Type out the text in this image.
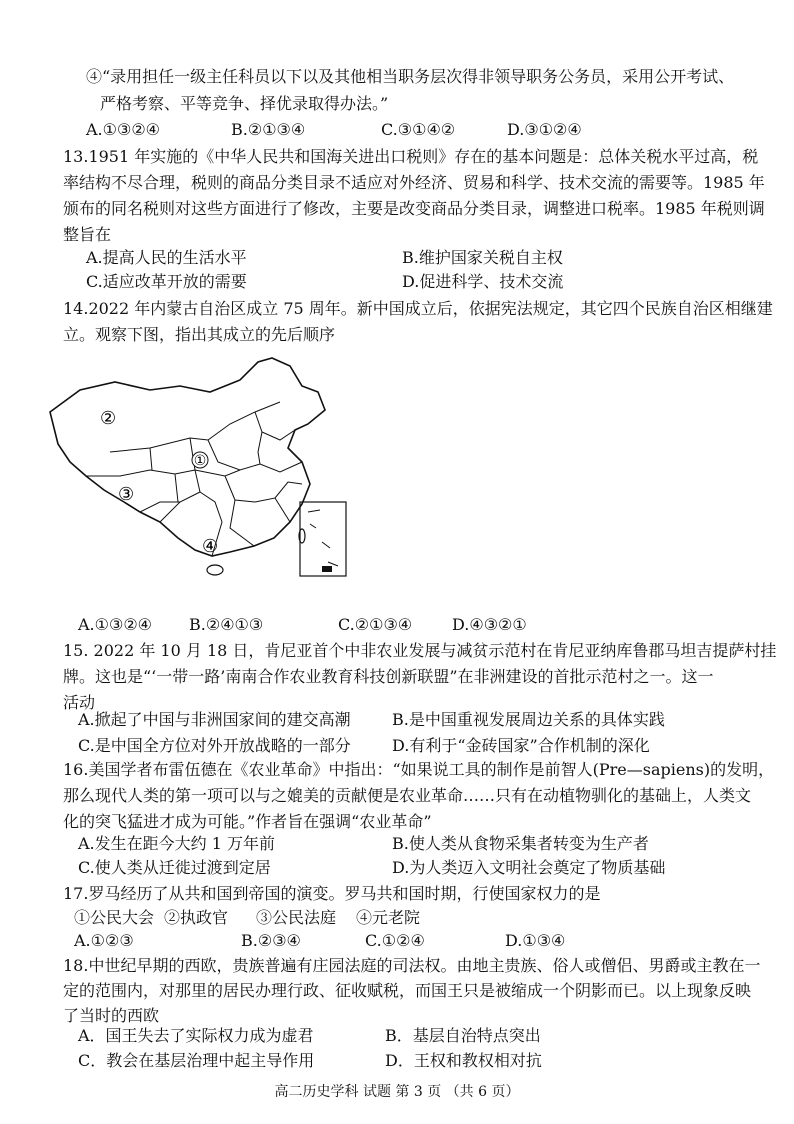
④“录用担任一级主任科员以下以及其他相当职务层次得非领导职务公务员，采用公开考试、
严格考察、平等竞争、择优录取得办法。”
A.①③②④	B.②①③④	C.③①④②	D.③①②④
13.1951 年实施的《中华人民共和国海关进出口税则》存在的基本问题是：总体关税水平过高，税
率结构不尽合理，税则的商品分类目录不适应对外经济、贸易和科学、技术交流的需要等。1985 年
颁布的同名税则对这些方面进行了修改，主要是改变商品分类目录，调整进口税率。1985 年税则调
整旨在
A.提高人民的生活水平	B.维护国家关税自主权
C.适应改革开放的需要	D.促进科学、技术交流
14.2022 年内蒙古自治区成立 75 周年。新中国成立后，依据宪法规定，其它四个民族自治区相继建
立。观察下图，指出其成立的先后顺序
①
②
③
④
A.①③②④ B.②④①③	C.②①③④ D.④③②①
15. 2022 年 10 月 18 日，肯尼亚首个中非农业发展与减贫示范村在肯尼亚纳库鲁郡马坦吉提萨村挂
牌。这也是“‘一带一路’南南合作农业教育科技创新联盟”在非洲建设的首批示范村之一。这一
活动
A.掀起了中国与非洲国家间的建交高潮	B.是中国重视发展周边关系的具体实践
C.是中国全方位对外开放战略的一部分	D.有利于“金砖国家”合作机制的深化
16.美国学者布雷伍德在《农业革命》中指出：“如果说工具的制作是前智人(Pre—sapiens)的发明，
那么现代人类的第一项可以与之媲美的贡献便是农业革命……只有在动植物驯化的基础上，人类文
化的突飞猛进才成为可能。”作者旨在强调“农业革命”
A.发生在距今大约 1 万年前	B.使人类从食物采集者转变为生产者
C.使人类从迁徙过渡到定居	D.为人类迈入文明社会奠定了物质基础
17.罗马经历了从共和国到帝国的演变。罗马共和国时期，行使国家权力的是
①公民大会 ②执政官 ③公民法庭 ④元老院
A.①②③	B.②③④	C.①②④	D.①③④
18.中世纪早期的西欧，贵族普遍有庄园法庭的司法权。由地主贵族、俗人或僧侣、男爵或主教在一
定的范围内，对那里的居民办理行政、征收赋税，而国王只是被缩成一个阴影而已。以上现象反映
了当时的西欧
A．国王失去了实际权力成为虚君	B．基层自治特点突出
C．教会在基层治理中起主导作用	D．王权和教权相对抗
高二历史学科 试题 第 3 页 （共 6 页）
